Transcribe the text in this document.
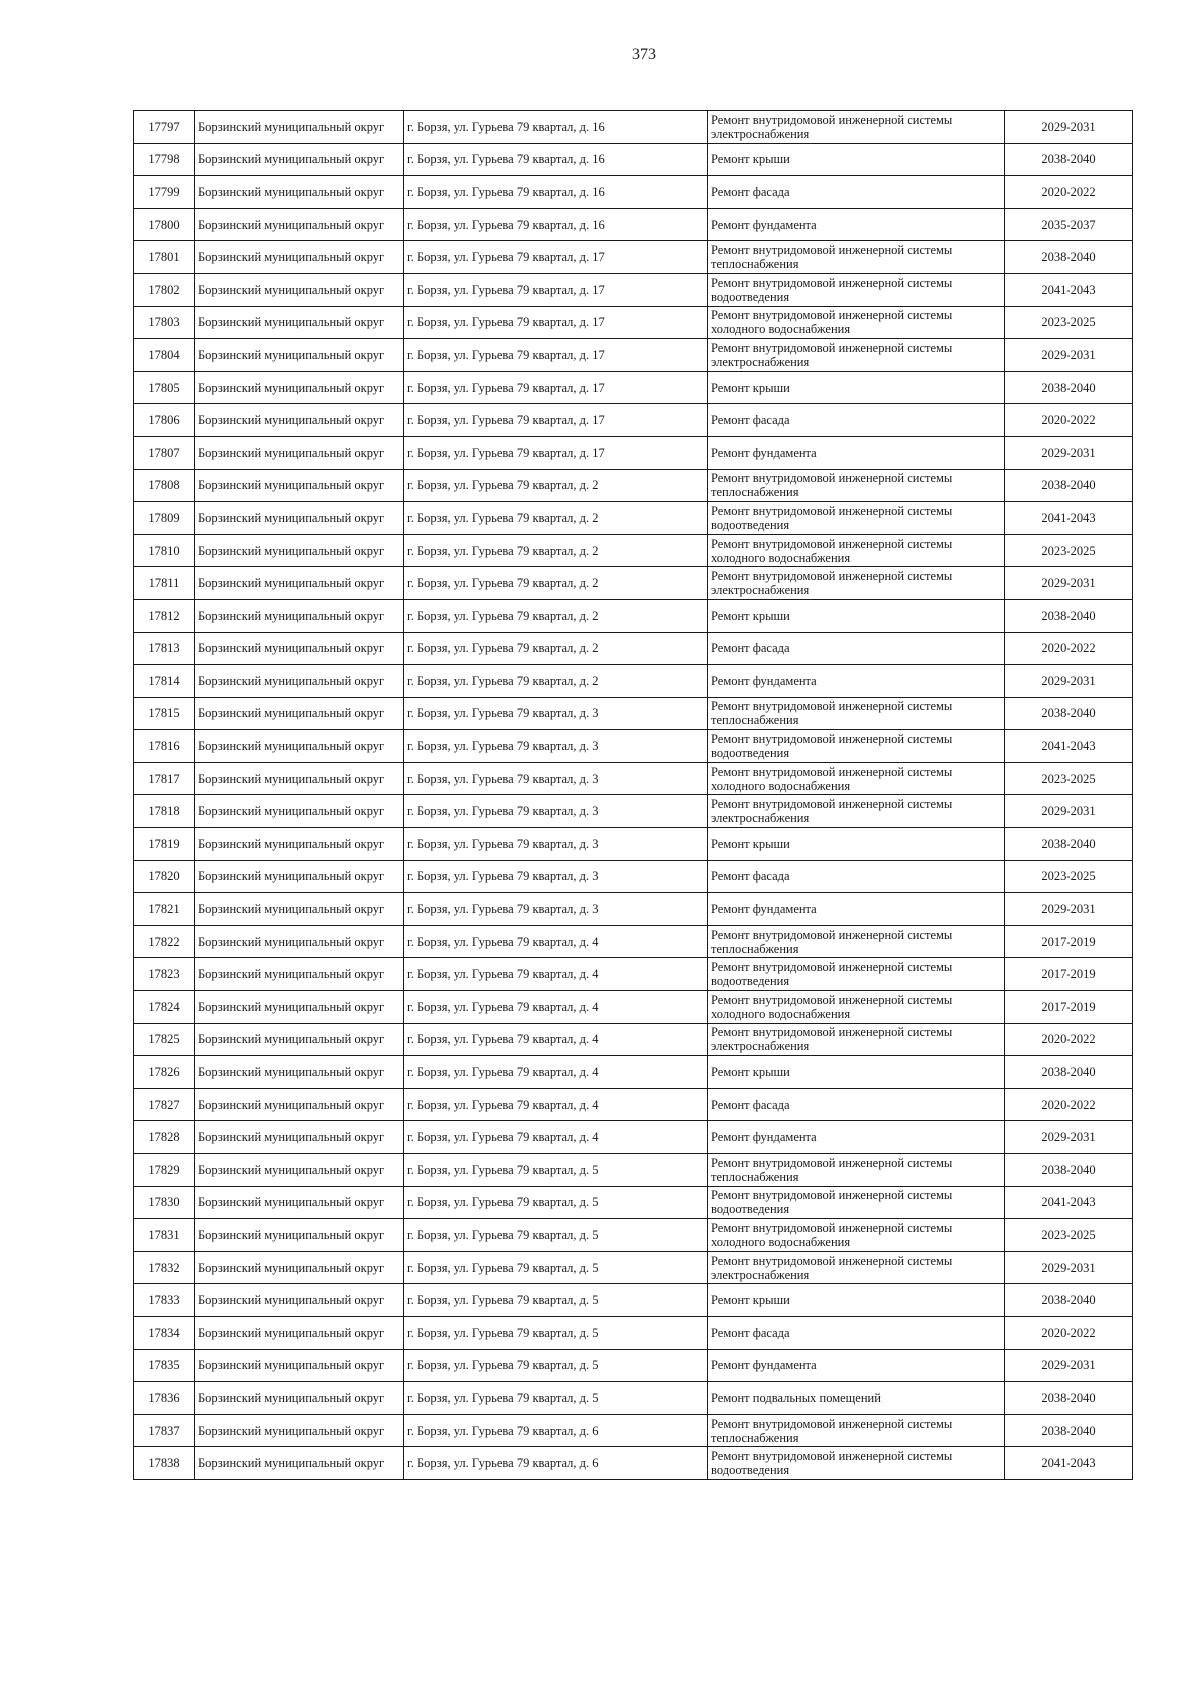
373
17797	Борзинский муниципальный округ	г. Борзя, ул. Гурьева 79 квартал, д. 16	Ремонт внутридомовой инженерной системы электроснабжения	2029-2031
17798	Борзинский муниципальный округ	г. Борзя, ул. Гурьева 79 квартал, д. 16	Ремонт крыши	2038-2040
17799	Борзинский муниципальный округ	г. Борзя, ул. Гурьева 79 квартал, д. 16	Ремонт фасада	2020-2022
17800	Борзинский муниципальный округ	г. Борзя, ул. Гурьева 79 квартал, д. 16	Ремонт фундамента	2035-2037
17801	Борзинский муниципальный округ	г. Борзя, ул. Гурьева 79 квартал, д. 17	Ремонт внутридомовой инженерной системы теплоснабжения	2038-2040
17802	Борзинский муниципальный округ	г. Борзя, ул. Гурьева 79 квартал, д. 17	Ремонт внутридомовой инженерной системы водоотведения	2041-2043
17803	Борзинский муниципальный округ	г. Борзя, ул. Гурьева 79 квартал, д. 17	Ремонт внутридомовой инженерной системы холодного водоснабжения	2023-2025
17804	Борзинский муниципальный округ	г. Борзя, ул. Гурьева 79 квартал, д. 17	Ремонт внутридомовой инженерной системы электроснабжения	2029-2031
17805	Борзинский муниципальный округ	г. Борзя, ул. Гурьева 79 квартал, д. 17	Ремонт крыши	2038-2040
17806	Борзинский муниципальный округ	г. Борзя, ул. Гурьева 79 квартал, д. 17	Ремонт фасада	2020-2022
17807	Борзинский муниципальный округ	г. Борзя, ул. Гурьева 79 квартал, д. 17	Ремонт фундамента	2029-2031
17808	Борзинский муниципальный округ	г. Борзя, ул. Гурьева 79 квартал, д. 2	Ремонт внутридомовой инженерной системы теплоснабжения	2038-2040
17809	Борзинский муниципальный округ	г. Борзя, ул. Гурьева 79 квартал, д. 2	Ремонт внутридомовой инженерной системы водоотведения	2041-2043
17810	Борзинский муниципальный округ	г. Борзя, ул. Гурьева 79 квартал, д. 2	Ремонт внутридомовой инженерной системы холодного водоснабжения	2023-2025
17811	Борзинский муниципальный округ	г. Борзя, ул. Гурьева 79 квартал, д. 2	Ремонт внутридомовой инженерной системы электроснабжения	2029-2031
17812	Борзинский муниципальный округ	г. Борзя, ул. Гурьева 79 квартал, д. 2	Ремонт крыши	2038-2040
17813	Борзинский муниципальный округ	г. Борзя, ул. Гурьева 79 квартал, д. 2	Ремонт фасада	2020-2022
17814	Борзинский муниципальный округ	г. Борзя, ул. Гурьева 79 квартал, д. 2	Ремонт фундамента	2029-2031
17815	Борзинский муниципальный округ	г. Борзя, ул. Гурьева 79 квартал, д. 3	Ремонт внутридомовой инженерной системы теплоснабжения	2038-2040
17816	Борзинский муниципальный округ	г. Борзя, ул. Гурьева 79 квартал, д. 3	Ремонт внутридомовой инженерной системы водоотведения	2041-2043
17817	Борзинский муниципальный округ	г. Борзя, ул. Гурьева 79 квартал, д. 3	Ремонт внутридомовой инженерной системы холодного водоснабжения	2023-2025
17818	Борзинский муниципальный округ	г. Борзя, ул. Гурьева 79 квартал, д. 3	Ремонт внутридомовой инженерной системы электроснабжения	2029-2031
17819	Борзинский муниципальный округ	г. Борзя, ул. Гурьева 79 квартал, д. 3	Ремонт крыши	2038-2040
17820	Борзинский муниципальный округ	г. Борзя, ул. Гурьева 79 квартал, д. 3	Ремонт фасада	2023-2025
17821	Борзинский муниципальный округ	г. Борзя, ул. Гурьева 79 квартал, д. 3	Ремонт фундамента	2029-2031
17822	Борзинский муниципальный округ	г. Борзя, ул. Гурьева 79 квартал, д. 4	Ремонт внутридомовой инженерной системы теплоснабжения	2017-2019
17823	Борзинский муниципальный округ	г. Борзя, ул. Гурьева 79 квартал, д. 4	Ремонт внутридомовой инженерной системы водоотведения	2017-2019
17824	Борзинский муниципальный округ	г. Борзя, ул. Гурьева 79 квартал, д. 4	Ремонт внутридомовой инженерной системы холодного водоснабжения	2017-2019
17825	Борзинский муниципальный округ	г. Борзя, ул. Гурьева 79 квартал, д. 4	Ремонт внутридомовой инженерной системы электроснабжения	2020-2022
17826	Борзинский муниципальный округ	г. Борзя, ул. Гурьева 79 квартал, д. 4	Ремонт крыши	2038-2040
17827	Борзинский муниципальный округ	г. Борзя, ул. Гурьева 79 квартал, д. 4	Ремонт фасада	2020-2022
17828	Борзинский муниципальный округ	г. Борзя, ул. Гурьева 79 квартал, д. 4	Ремонт фундамента	2029-2031
17829	Борзинский муниципальный округ	г. Борзя, ул. Гурьева 79 квартал, д. 5	Ремонт внутридомовой инженерной системы теплоснабжения	2038-2040
17830	Борзинский муниципальный округ	г. Борзя, ул. Гурьева 79 квартал, д. 5	Ремонт внутридомовой инженерной системы водоотведения	2041-2043
17831	Борзинский муниципальный округ	г. Борзя, ул. Гурьева 79 квартал, д. 5	Ремонт внутридомовой инженерной системы холодного водоснабжения	2023-2025
17832	Борзинский муниципальный округ	г. Борзя, ул. Гурьева 79 квартал, д. 5	Ремонт внутридомовой инженерной системы электроснабжения	2029-2031
17833	Борзинский муниципальный округ	г. Борзя, ул. Гурьева 79 квартал, д. 5	Ремонт крыши	2038-2040
17834	Борзинский муниципальный округ	г. Борзя, ул. Гурьева 79 квартал, д. 5	Ремонт фасада	2020-2022
17835	Борзинский муниципальный округ	г. Борзя, ул. Гурьева 79 квартал, д. 5	Ремонт фундамента	2029-2031
17836	Борзинский муниципальный округ	г. Борзя, ул. Гурьева 79 квартал, д. 5	Ремонт подвальных помещений	2038-2040
17837	Борзинский муниципальный округ	г. Борзя, ул. Гурьева 79 квартал, д. 6	Ремонт внутридомовой инженерной системы теплоснабжения	2038-2040
17838	Борзинский муниципальный округ	г. Борзя, ул. Гурьева 79 квартал, д. 6	Ремонт внутридомовой инженерной системы водоотведения	2041-2043
